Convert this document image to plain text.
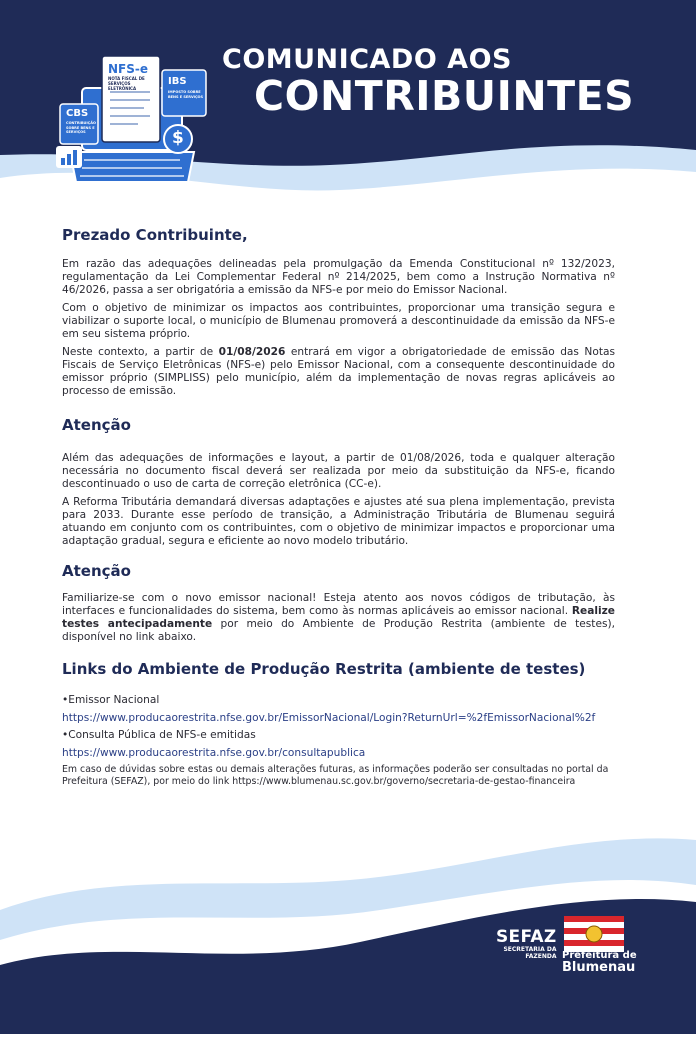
NFS-e
NOTA FISCAL DE SERVIÇOS ELETRÔNICA
IBS
IMPOSTO SOBRE BENS E SERVIÇOS
CBS
CONTRIBUIÇÃO SOBRE BENS E SERVIÇOS	$
COMUNICADO AOS
CONTRIBUINTES
Prezado Contribuinte,

Em razão das adequações delineadas pela promulgação da Emenda Constitucional nº 132/2023, regulamentação da Lei Complementar Federal nº 214/2025, bem como a Instrução Normativa nº 46/2026, passa a ser obrigatória a emissão da NFS-e por meio do Emissor Nacional.

Com o objetivo de minimizar os impactos aos contribuintes, proporcionar uma transição segura e viabilizar o suporte local, o município de Blumenau promoverá a descontinuidade da emissão da NFS-e em seu sistema próprio.

Neste contexto, a partir de 01/08/2026 entrará em vigor a obrigatoriedade de emissão das Notas Fiscais de Serviço Eletrônicas (NFS-e) pelo Emissor Nacional, com a consequente descontinuidade do emissor próprio (SIMPLISS) pelo município, além da implementação de novas regras aplicáveis ao processo de emissão.

Atenção

Além das adequações de informações e layout, a partir de 01/08/2026, toda e qualquer alteração necessária no documento fiscal deverá ser realizada por meio da substituição da NFS-e, ficando descontinuado o uso de carta de correção eletrônica (CC-e).

A Reforma Tributária demandará diversas adaptações e ajustes até sua plena implementação, prevista para 2033. Durante esse período de transição, a Administração Tributária de Blumenau seguirá atuando em conjunto com os contribuintes, com o objetivo de minimizar impactos e proporcionar uma adaptação gradual, segura e eficiente ao novo modelo tributário.

Atenção

Familiarize-se com o novo emissor nacional! Esteja atento aos novos códigos de tributação, às interfaces e funcionalidades do sistema, bem como às normas aplicáveis ao emissor nacional. Realize testes antecipadamente por meio do Ambiente de Produção Restrita (ambiente de testes), disponível no link abaixo.

Links do Ambiente de Produção Restrita (ambiente de testes)
•Emissor Nacional
https://www.producaorestrita.nfse.gov.br/EmissorNacional/Login?ReturnUrl=%2fEmissorNacional%2f
•Consulta Pública de NFS-e emitidas
https://www.producaorestrita.nfse.gov.br/consultapublica

Em caso de dúvidas sobre estas ou demais alterações futuras, as informações poderão ser consultadas no portal da Prefeitura (SEFAZ), por meio do link https://www.blumenau.sc.gov.br/governo/secretaria-de-gestao-financeira

SEFAZ
SECRETARIA DA
FAZENDA Prefeitura de
Blumenau
